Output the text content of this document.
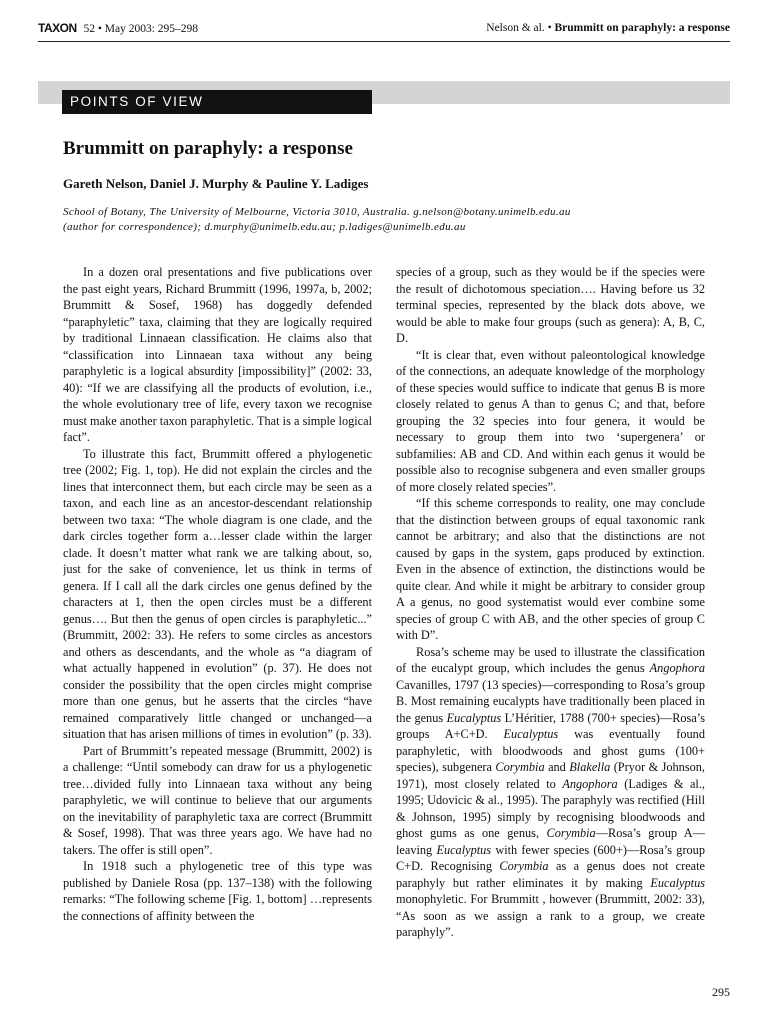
TAXON 52 • May 2003: 295–298	Nelson & al. • Brummitt on paraphyly: a response
POINTS OF VIEW
Brummitt on paraphyly: a response
Gareth Nelson, Daniel J. Murphy & Pauline Y. Ladiges
School of Botany, The University of Melbourne, Victoria 3010, Australia. g.nelson@botany.unimelb.edu.au
(author for correspondence); d.murphy@unimelb.edu.au; p.ladiges@unimelb.edu.au

In a dozen oral presentations and five publications over the past eight years, Richard Brummitt (1996, 1997a, b, 2002; Brummitt & Sosef, 1968) has doggedly defended “paraphyletic” taxa, claiming that they are logically required by traditional Linnaean classification. He claims also that “classification into Linnaean taxa without any being paraphyletic is a logical absurdity [impossibility]” (2002: 33, 40): “If we are classifying all the products of evolution, i.e., the whole evolutionary tree of life, every taxon we recognise must make another taxon paraphyletic. That is a simple logical fact”.

To illustrate this fact, Brummitt offered a phylogenetic tree (2002; Fig. 1, top). He did not explain the circles and the lines that interconnect them, but each circle may be seen as a taxon, and each line as an ancestor-descendant relationship between two taxa: “The whole diagram is one clade, and the dark circles together form a…lesser clade within the larger clade. It doesn’t matter what rank we are talking about, so, just for the sake of convenience, let us think in terms of genera. If I call all the dark circles one genus defined by the characters at 1, then the open circles must be a different genus…. But then the genus of open circles is paraphyletic...” (Brummitt, 2002: 33). He refers to some circles as ancestors and others as descendants, and the whole as “a diagram of what actually happened in evolution” (p. 37). He does not consider the possibility that the open circles might comprise more than one genus, but he asserts that the circles “have remained comparatively little changed or unchanged—a situation that has arisen millions of times in evolution” (p. 33).

Part of Brummitt’s repeated message (Brummitt, 2002) is a challenge: “Until somebody can draw for us a phylogenetic tree…divided fully into Linnaean taxa without any being paraphyletic, we will continue to believe that our arguments on the inevitability of paraphyletic taxa are correct (Brummitt & Sosef, 1998). That was three years ago. We have had no takers. The offer is still open”.

In 1918 such a phylogenetic tree of this type was published by Daniele Rosa (pp. 137–138) with the following remarks: “The following scheme [Fig. 1, bottom] …represents the connections of affinity between the

species of a group, such as they would be if the species were the result of dichotomous speciation…. Having before us 32 terminal species, represented by the black dots above, we would be able to make four groups (such as genera): A, B, C, D.

“It is clear that, even without paleontological knowledge of the connections, an adequate knowledge of the morphology of these species would suffice to indicate that genus B is more closely related to genus A than to genus C; and that, before grouping the 32 species into four genera, it would be necessary to group them into two ‘supergenera’ or subfamilies: AB and CD. And within each genus it would be possible also to recognise subgenera and even smaller groups of more closely related species”.

“If this scheme corresponds to reality, one may conclude that the distinction between groups of equal taxonomic rank cannot be arbitrary; and also that the distinctions are not caused by gaps in the system, gaps produced by extinction. Even in the absence of extinction, the distinctions would be quite clear. And while it might be arbitrary to consider group A a genus, no good systematist would ever combine some species of group C with AB, and the other species of group C with D”.

Rosa’s scheme may be used to illustrate the classification of the eucalypt group, which includes the genus Angophora Cavanilles, 1797 (13 species)—corresponding to Rosa’s group B. Most remaining eucalypts have traditionally been placed in the genus Eucalyptus L’Héritier, 1788 (700+ species)—Rosa’s groups A+C+D. Eucalyptus was eventually found paraphyletic, with bloodwoods and ghost gums (100+ species), subgenera Corymbia and Blakella (Pryor & Johnson, 1971), most closely related to Angophora (Ladiges & al., 1995; Udovicic & al., 1995). The paraphyly was rectified (Hill & Johnson, 1995) simply by recognising bloodwoods and ghost gums as one genus, Corymbia—Rosa’s group A—leaving Eucalyptus with fewer species (600+)—Rosa’s group C+D. Recognising Corymbia as a genus does not create paraphyly but rather eliminates it by making Eucalyptus monophyletic. For Brummitt , however (Brummitt, 2002: 33), “As soon as we assign a rank to a group, we create paraphyly”.

295
